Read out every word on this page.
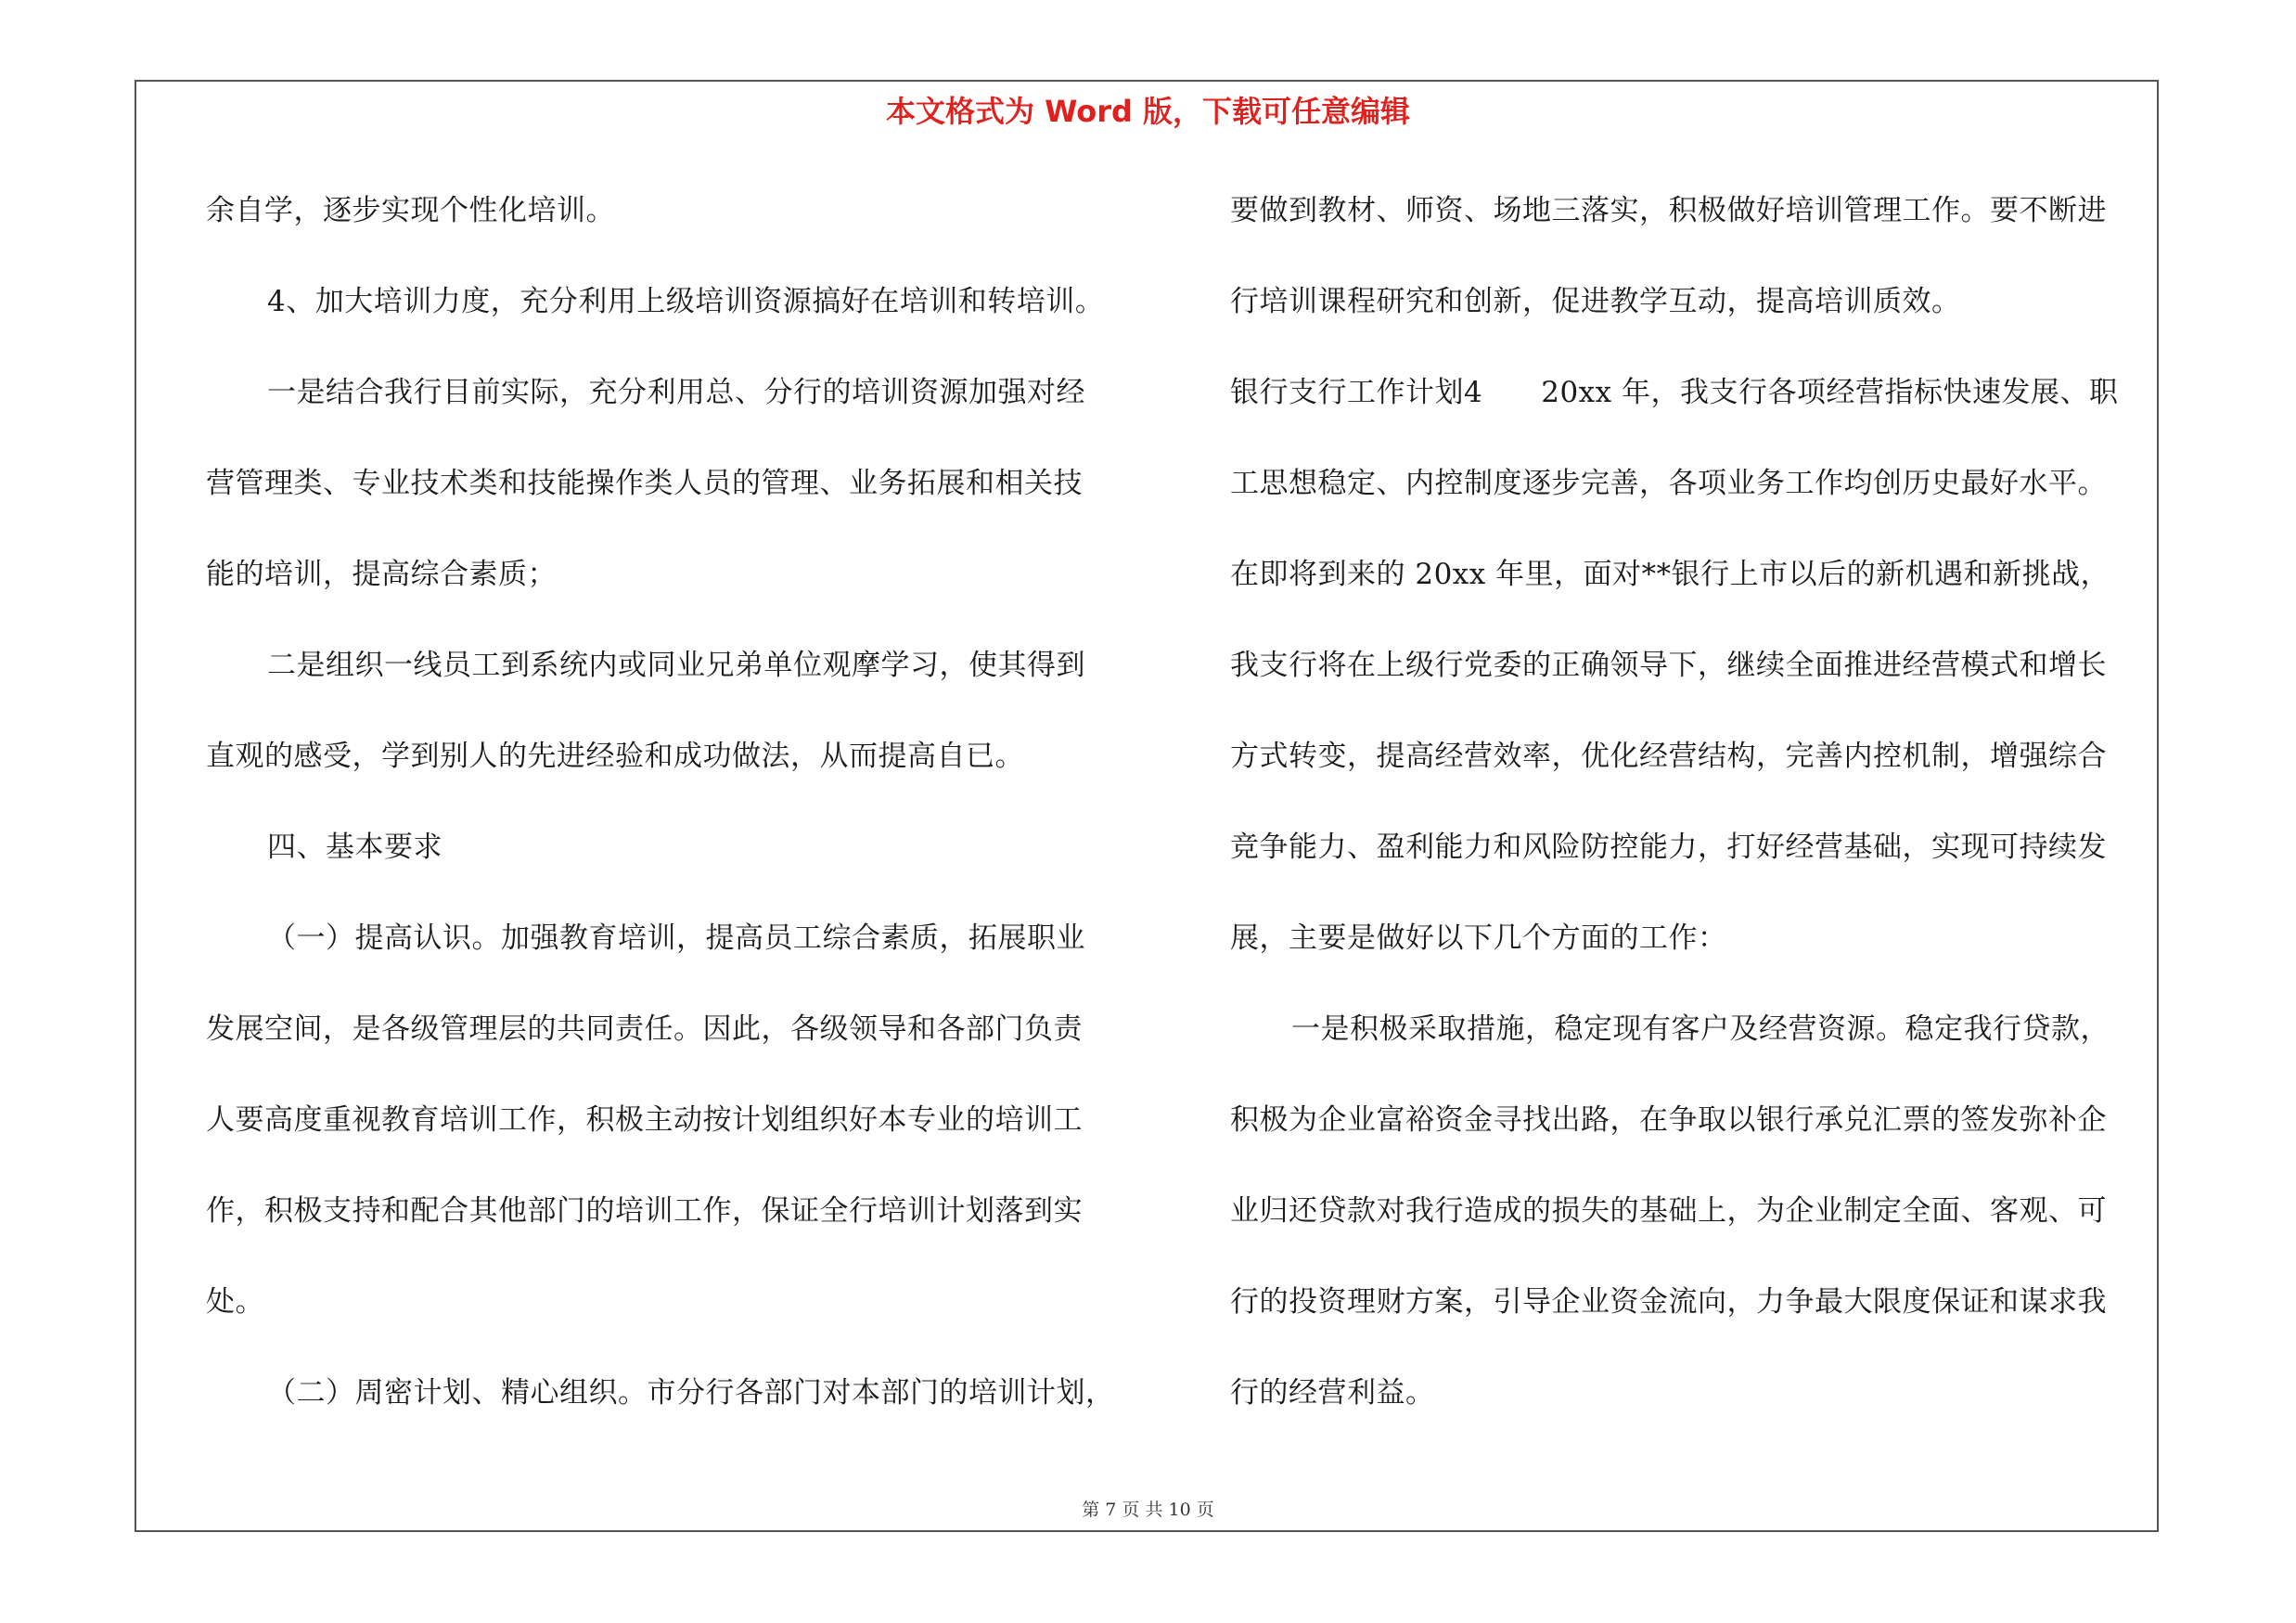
本文格式为 Word 版，下载可任意编辑
余自学，逐步实现个性化培训。
4、加大培训力度，充分利用上级培训资源搞好在培训和转培训。
一是结合我行目前实际，充分利用总、分行的培训资源加强对经
营管理类、专业技术类和技能操作类人员的管理、业务拓展和相关技
能的培训，提高综合素质；
二是组织一线员工到系统内或同业兄弟单位观摩学习，使其得到
直观的感受，学到别人的先进经验和成功做法，从而提高自已。
四、基本要求
（一）提高认识。加强教育培训，提高员工综合素质，拓展职业
发展空间，是各级管理层的共同责任。因此，各级领导和各部门负责
人要高度重视教育培训工作，积极主动按计划组织好本专业的培训工
作，积极支持和配合其他部门的培训工作，保证全行培训计划落到实
处。
（二）周密计划、精心组织。市分行各部门对本部门的培训计划，
要做到教材、师资、场地三落实，积极做好培训管理工作。要不断进
行培训课程研究和创新，促进教学互动，提高培训质效。
银行支行工作计划4　　20xx 年，我支行各项经营指标快速发展、职
工思想稳定、内控制度逐步完善，各项业务工作均创历史最好水平。
在即将到来的 20xx 年里，面对**银行上市以后的新机遇和新挑战，
我支行将在上级行党委的正确领导下，继续全面推进经营模式和增长
方式转变，提高经营效率，优化经营结构，完善内控机制，增强综合
竞争能力、盈利能力和风险防控能力，打好经营基础，实现可持续发
展，主要是做好以下几个方面的工作：
一是积极采取措施，稳定现有客户及经营资源。稳定我行贷款，
积极为企业富裕资金寻找出路，在争取以银行承兑汇票的签发弥补企
业归还贷款对我行造成的损失的基础上，为企业制定全面、客观、可
行的投资理财方案，引导企业资金流向，力争最大限度保证和谋求我
行的经营利益。
第 7 页 共 10 页
